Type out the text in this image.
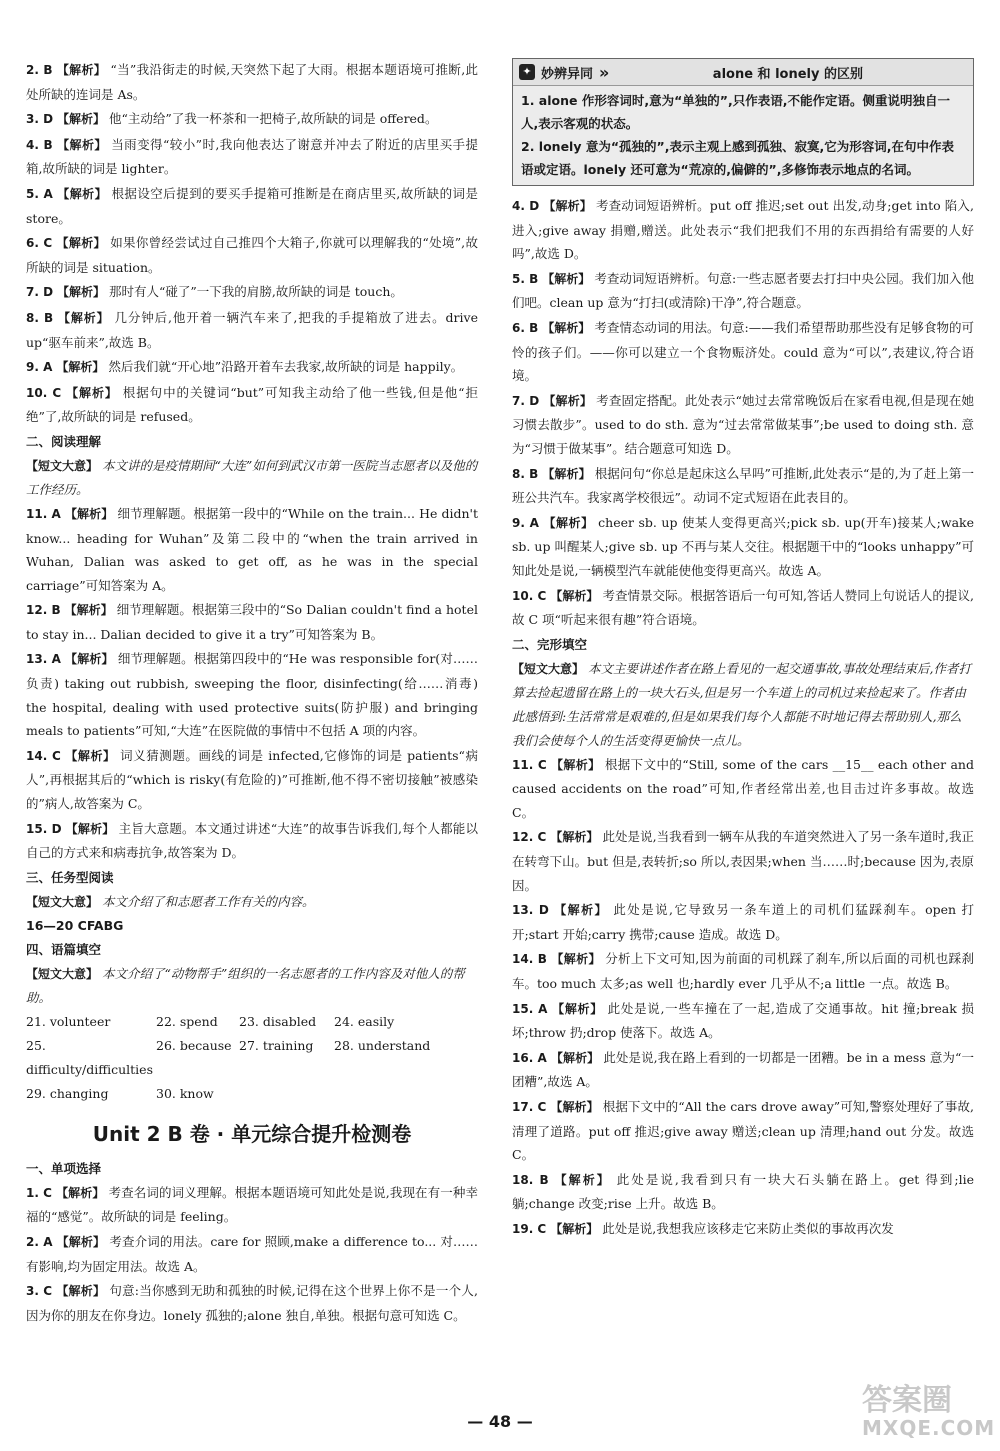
2. B 【解析】 “当”我沿街走的时候,天突然下起了大雨。根据本题语境可推断,此处所缺的连词是 As。

3. D 【解析】 他“主动给”了我一杯茶和一把椅子,故所缺的词是 offered。

4. B 【解析】 当雨变得“较小”时,我向他表达了谢意并冲去了附近的店里买手提箱,故所缺的词是 lighter。

5. A 【解析】 根据设空后提到的要买手提箱可推断是在商店里买,故所缺的词是 store。

6. C 【解析】 如果你曾经尝试过自己推四个大箱子,你就可以理解我的“处境”,故所缺的词是 situation。

7. D 【解析】 那时有人“碰了”一下我的肩膀,故所缺的词是 touch。

8. B 【解析】 几分钟后,他开着一辆汽车来了,把我的手提箱放了进去。drive up“驱车前来”,故选 B。

9. A 【解析】 然后我们就“开心地”沿路开着车去我家,故所缺的词是 happily。

10. C 【解析】 根据句中的关键词“but”可知我主动给了他一些钱,但是他“拒绝”了,故所缺的词是 refused。

二、阅读理解

【短文大意】 本文讲的是疫情期间“大连”如何到武汉市第一医院当志愿者以及他的工作经历。

11. A 【解析】 细节理解题。根据第一段中的“While on the train... He didn't know... heading for Wuhan”及第二段中的“when the train arrived in Wuhan, Dalian was asked to get off, as he was in the special carriage”可知答案为 A。

12. B 【解析】 细节理解题。根据第三段中的“So Dalian couldn't find a hotel to stay in... Dalian decided to give it a try”可知答案为 B。

13. A 【解析】 细节理解题。根据第四段中的“He was responsible for(对……负责) taking out rubbish, sweeping the floor, disinfecting(给……消毒) the hospital, dealing with used protective suits(防护服) and bringing meals to patients”可知,“大连”在医院做的事情中不包括 A 项的内容。

14. C 【解析】 词义猜测题。画线的词是 infected,它修饰的词是 patients“病人”,再根据其后的“which is risky(有危险的)”可推断,他不得不密切接触”被感染的”病人,故答案为 C。

15. D 【解析】 主旨大意题。本文通过讲述“大连”的故事告诉我们,每个人都能以自己的方式来和病毒抗争,故答案为 D。

三、任务型阅读

【短文大意】 本文介绍了和志愿者工作有关的内容。

16—20 CFABG

四、语篇填空

【短文大意】 本文介绍了“动物帮手”组织的一名志愿者的工作内容及对他人的帮助。

21. volunteer	22. spend	23. disabled	24. easily
25. difficulty/difficulties
26. because 27. training	28. understand
29. changing	30. know
Unit 2 B 卷 · 单元综合提升检测卷

一、单项选择

1. C 【解析】 考查名词的词义理解。根据本题语境可知此处是说,我现在有一种幸福的“感觉”。故所缺的词是 feeling。

2. A 【解析】 考查介词的用法。care for 照顾,make a difference to... 对……有影响,均为固定用法。故选 A。

3. C 【解析】 句意:当你感到无助和孤独的时候,记得在这个世界上你不是一个人,因为你的朋友在你身边。lonely 孤独的;alone 独自,单独。根据句意可知选 C。

✦ 妙辨异同 »	alone 和 lonely 的区别
1. alone 作形容词时,意为“单独的”,只作表语,不能作定语。侧重说明独自一人,表示客观的状态。
2. lonely 意为“孤独的”,表示主观上感到孤独、寂寞,它为形容词,在句中作表语或定语。lonely 还可意为“荒凉的,偏僻的”,多修饰表示地点的名词。

4. D 【解析】 考查动词短语辨析。put off 推迟;set out 出发,动身;get into 陷入,进入;give away 捐赠,赠送。此处表示“我们把我们不用的东西捐给有需要的人好吗”,故选 D。

5. B 【解析】 考查动词短语辨析。句意:一些志愿者要去打扫中央公园。我们加入他们吧。clean up 意为“打扫(或清除)干净”,符合题意。

6. B 【解析】 考查情态动词的用法。句意:——我们希望帮助那些没有足够食物的可怜的孩子们。——你可以建立一个食物赈济处。could 意为“可以”,表建议,符合语境。

7. D 【解析】 考查固定搭配。此处表示“她过去常常晚饭后在家看电视,但是现在她习惯去散步”。used to do sth. 意为“过去常常做某事”;be used to doing sth. 意为“习惯于做某事”。结合题意可知选 D。

8. B 【解析】 根据问句“你总是起床这么早吗”可推断,此处表示“是的,为了赶上第一班公共汽车。我家离学校很远”。动词不定式短语在此表目的。

9. A 【解析】 cheer sb. up 使某人变得更高兴;pick sb. up(开车)接某人;wake sb. up 叫醒某人;give sb. up 不再与某人交往。根据题干中的“looks unhappy”可知此处是说,一辆模型汽车就能使他变得更高兴。故选 A。

10. C 【解析】 考查情景交际。根据答语后一句可知,答话人赞同上句说话人的提议,故 C 项“听起来很有趣”符合语境。

二、完形填空

【短文大意】 本文主要讲述作者在路上看见的一起交通事故,事故处理结束后,作者打算去捡起遗留在路上的一块大石头,但是另一个车道上的司机过来捡起来了。作者由此感悟到:生活常常是艰难的,但是如果我们每个人都能不时地记得去帮助别人,那么我们会使每个人的生活变得更愉快一点儿。

11. C 【解析】 根据下文中的“Still, some of the cars __15__ each other and caused accidents on the road”可知,作者经常出差,也目击过许多事故。故选 C。

12. C 【解析】 此处是说,当我看到一辆车从我的车道突然进入了另一条车道时,我正在转弯下山。but 但是,表转折;so 所以,表因果;when 当……时;because 因为,表原因。

13. D 【解析】 此处是说,它导致另一条车道上的司机们猛踩刹车。open 打开;start 开始;carry 携带;cause 造成。故选 D。

14. B 【解析】 分析上下文可知,因为前面的司机踩了刹车,所以后面的司机也踩刹车。too much 太多;as well 也;hardly ever 几乎从不;a little 一点。故选 B。

15. A 【解析】 此处是说,一些车撞在了一起,造成了交通事故。hit 撞;break 损坏;throw 扔;drop 使落下。故选 A。

16. A 【解析】 此处是说,我在路上看到的一切都是一团糟。be in a mess 意为“一团糟”,故选 A。

17. C 【解析】 根据下文中的“All the cars drove away”可知,警察处理好了事故,清理了道路。put off 推迟;give away 赠送;clean up 清理;hand out 分发。故选 C。

18. B 【解析】 此处是说,我看到只有一块大石头躺在路上。get 得到;lie 躺;change 改变;rise 上升。故选 B。

19. C 【解析】 此处是说,我想我应该移走它来防止类似的事故再次发

— 48 —
答案圈
MXQE.COM
